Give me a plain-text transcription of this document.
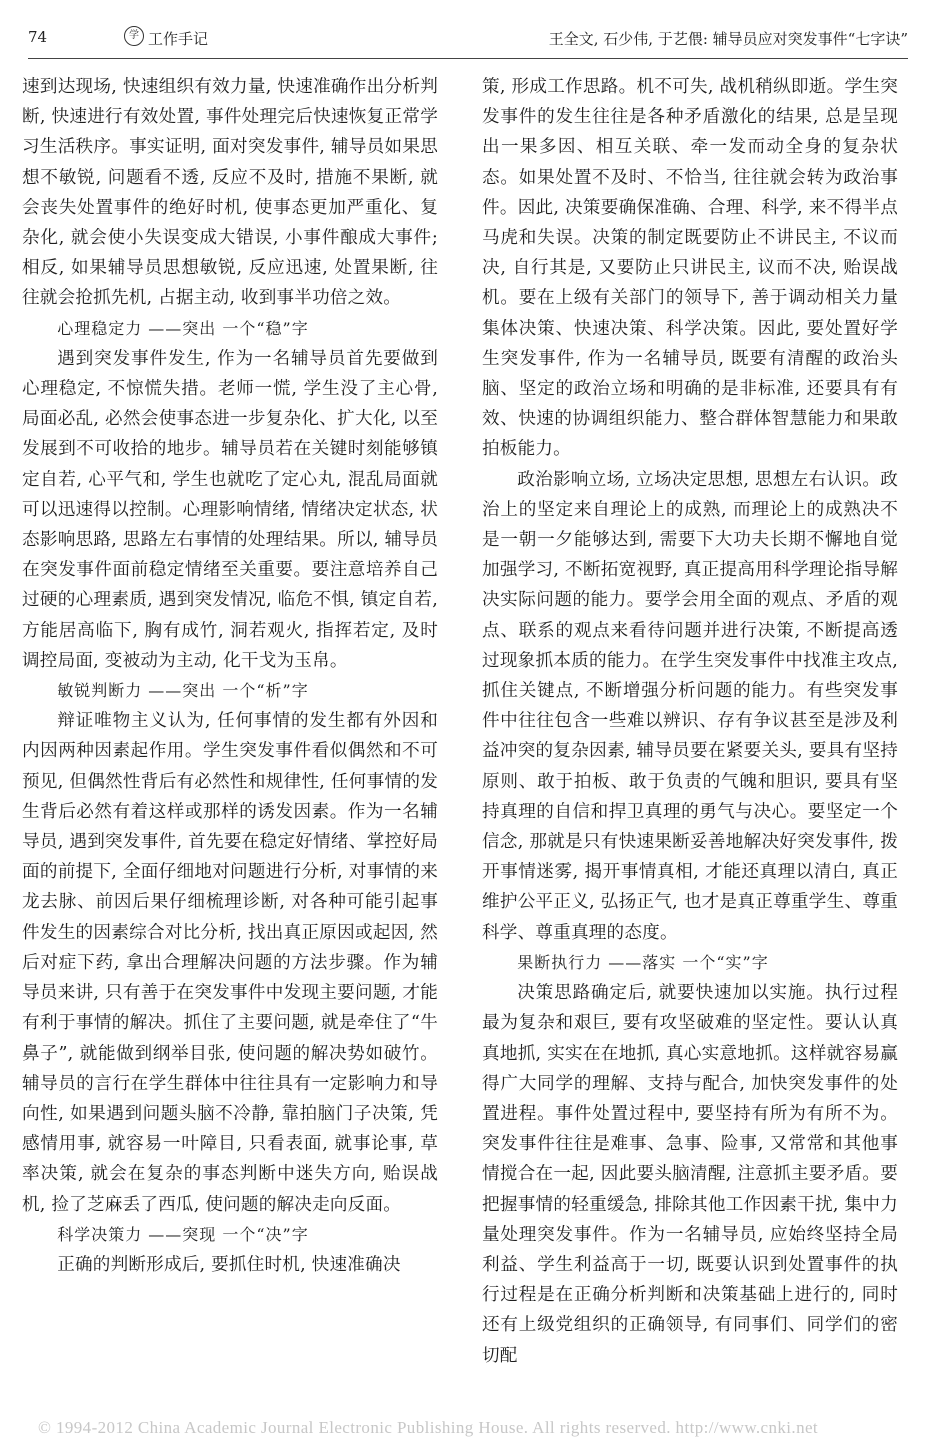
74	学 工作手记	王全文, 石少伟, 于艺偎: 辅导员应对突发事件“七字诀”

速到达现场, 快速组织有效力量, 快速准确作出分析判断, 快速进行有效处置, 事件处理完后快速恢复正常学习生活秩序。事实证明, 面对突发事件, 辅导员如果思想不敏锐, 问题看不透, 反应不及时, 措施不果断, 就会丧失处置事件的绝好时机, 使事态更加严重化、复杂化, 就会使小失误变成大错误, 小事件酿成大事件; 相反, 如果辅导员思想敏锐, 反应迅速, 处置果断, 往往就会抢抓先机, 占据主动, 收到事半功倍之效。

心理稳定力 ——突出 一个“稳”字

遇到突发事件发生, 作为一名辅导员首先要做到心理稳定, 不惊慌失措。老师一慌, 学生没了主心骨, 局面必乱, 必然会使事态进一步复杂化、扩大化, 以至发展到不可收拾的地步。辅导员若在关键时刻能够镇定自若, 心平气和, 学生也就吃了定心丸, 混乱局面就可以迅速得以控制。心理影响情绪, 情绪决定状态, 状态影响思路, 思路左右事情的处理结果。所以, 辅导员在突发事件面前稳定情绪至关重要。要注意培养自己过硬的心理素质, 遇到突发情况, 临危不惧, 镇定自若, 方能居高临下, 胸有成竹, 洞若观火, 指挥若定, 及时调控局面, 变被动为主动, 化干戈为玉帛。

敏锐判断力 ——突出 一个“析”字

辩证唯物主义认为, 任何事情的发生都有外因和内因两种因素起作用。学生突发事件看似偶然和不可预见, 但偶然性背后有必然性和规律性, 任何事情的发生背后必然有着这样或那样的诱发因素。作为一名辅导员, 遇到突发事件, 首先要在稳定好情绪、掌控好局面的前提下, 全面仔细地对问题进行分析, 对事情的来龙去脉、前因后果仔细梳理诊断, 对各种可能引起事件发生的因素综合对比分析, 找出真正原因或起因, 然后对症下药, 拿出合理解决问题的方法步骤。作为辅导员来讲, 只有善于在突发事件中发现主要问题, 才能有利于事情的解决。抓住了主要问题, 就是牵住了“牛鼻子”, 就能做到纲举目张, 使问题的解决势如破竹。辅导员的言行在学生群体中往往具有一定影响力和导向性, 如果遇到问题头脑不冷静, 靠拍脑门子决策, 凭感情用事, 就容易一叶障目, 只看表面, 就事论事, 草率决策, 就会在复杂的事态判断中迷失方向, 贻误战机, 捡了芝麻丢了西瓜, 使问题的解决走向反面。

科学决策力 ——突现 一个“决”字

正确的判断形成后, 要抓住时机, 快速准确决

策, 形成工作思路。机不可失, 战机稍纵即逝。学生突发事件的发生往往是各种矛盾激化的结果, 总是呈现出一果多因、相互关联、牵一发而动全身的复杂状态。如果处置不及时、不恰当, 往往就会转为政治事件。因此, 决策要确保准确、合理、科学, 来不得半点马虎和失误。决策的制定既要防止不讲民主, 不议而决, 自行其是, 又要防止只讲民主, 议而不决, 贻误战机。要在上级有关部门的领导下, 善于调动相关力量集体决策、快速决策、科学决策。因此, 要处置好学生突发事件, 作为一名辅导员, 既要有清醒的政治头脑、坚定的政治立场和明确的是非标准, 还要具有有效、快速的协调组织能力、整合群体智慧能力和果敢拍板能力。

政治影响立场, 立场决定思想, 思想左右认识。政治上的坚定来自理论上的成熟, 而理论上的成熟决不是一朝一夕能够达到, 需要下大功夫长期不懈地自觉加强学习, 不断拓宽视野, 真正提高用科学理论指导解决实际问题的能力。要学会用全面的观点、矛盾的观点、联系的观点来看待问题并进行决策, 不断提高透过现象抓本质的能力。在学生突发事件中找准主攻点, 抓住关键点, 不断增强分析问题的能力。有些突发事件中往往包含一些难以辨识、存有争议甚至是涉及利益冲突的复杂因素, 辅导员要在紧要关头, 要具有坚持原则、敢于拍板、敢于负责的气魄和胆识, 要具有坚持真理的自信和捍卫真理的勇气与决心。要坚定一个信念, 那就是只有快速果断妥善地解决好突发事件, 拨开事情迷雾, 揭开事情真相, 才能还真理以清白, 真正维护公平正义, 弘扬正气, 也才是真正尊重学生、尊重科学、尊重真理的态度。

果断执行力 ——落实 一个“实”字

决策思路确定后, 就要快速加以实施。执行过程最为复杂和艰巨, 要有攻坚破难的坚定性。要认认真真地抓, 实实在在地抓, 真心实意地抓。这样就容易赢得广大同学的理解、支持与配合, 加快突发事件的处置进程。事件处置过程中, 要坚持有所为有所不为。突发事件往往是难事、急事、险事, 又常常和其他事情搅合在一起, 因此要头脑清醒, 注意抓主要矛盾。要把握事情的轻重缓急, 排除其他工作因素干扰, 集中力量处理突发事件。作为一名辅导员, 应始终坚持全局利益、学生利益高于一切, 既要认识到处置事件的执行过程是在正确分析判断和决策基础上进行的, 同时还有上级党组织的正确领导, 有同事们、同学们的密切配

© 1994-2012 China Academic Journal Electronic Publishing House. All rights reserved. http://www.cnki.net
